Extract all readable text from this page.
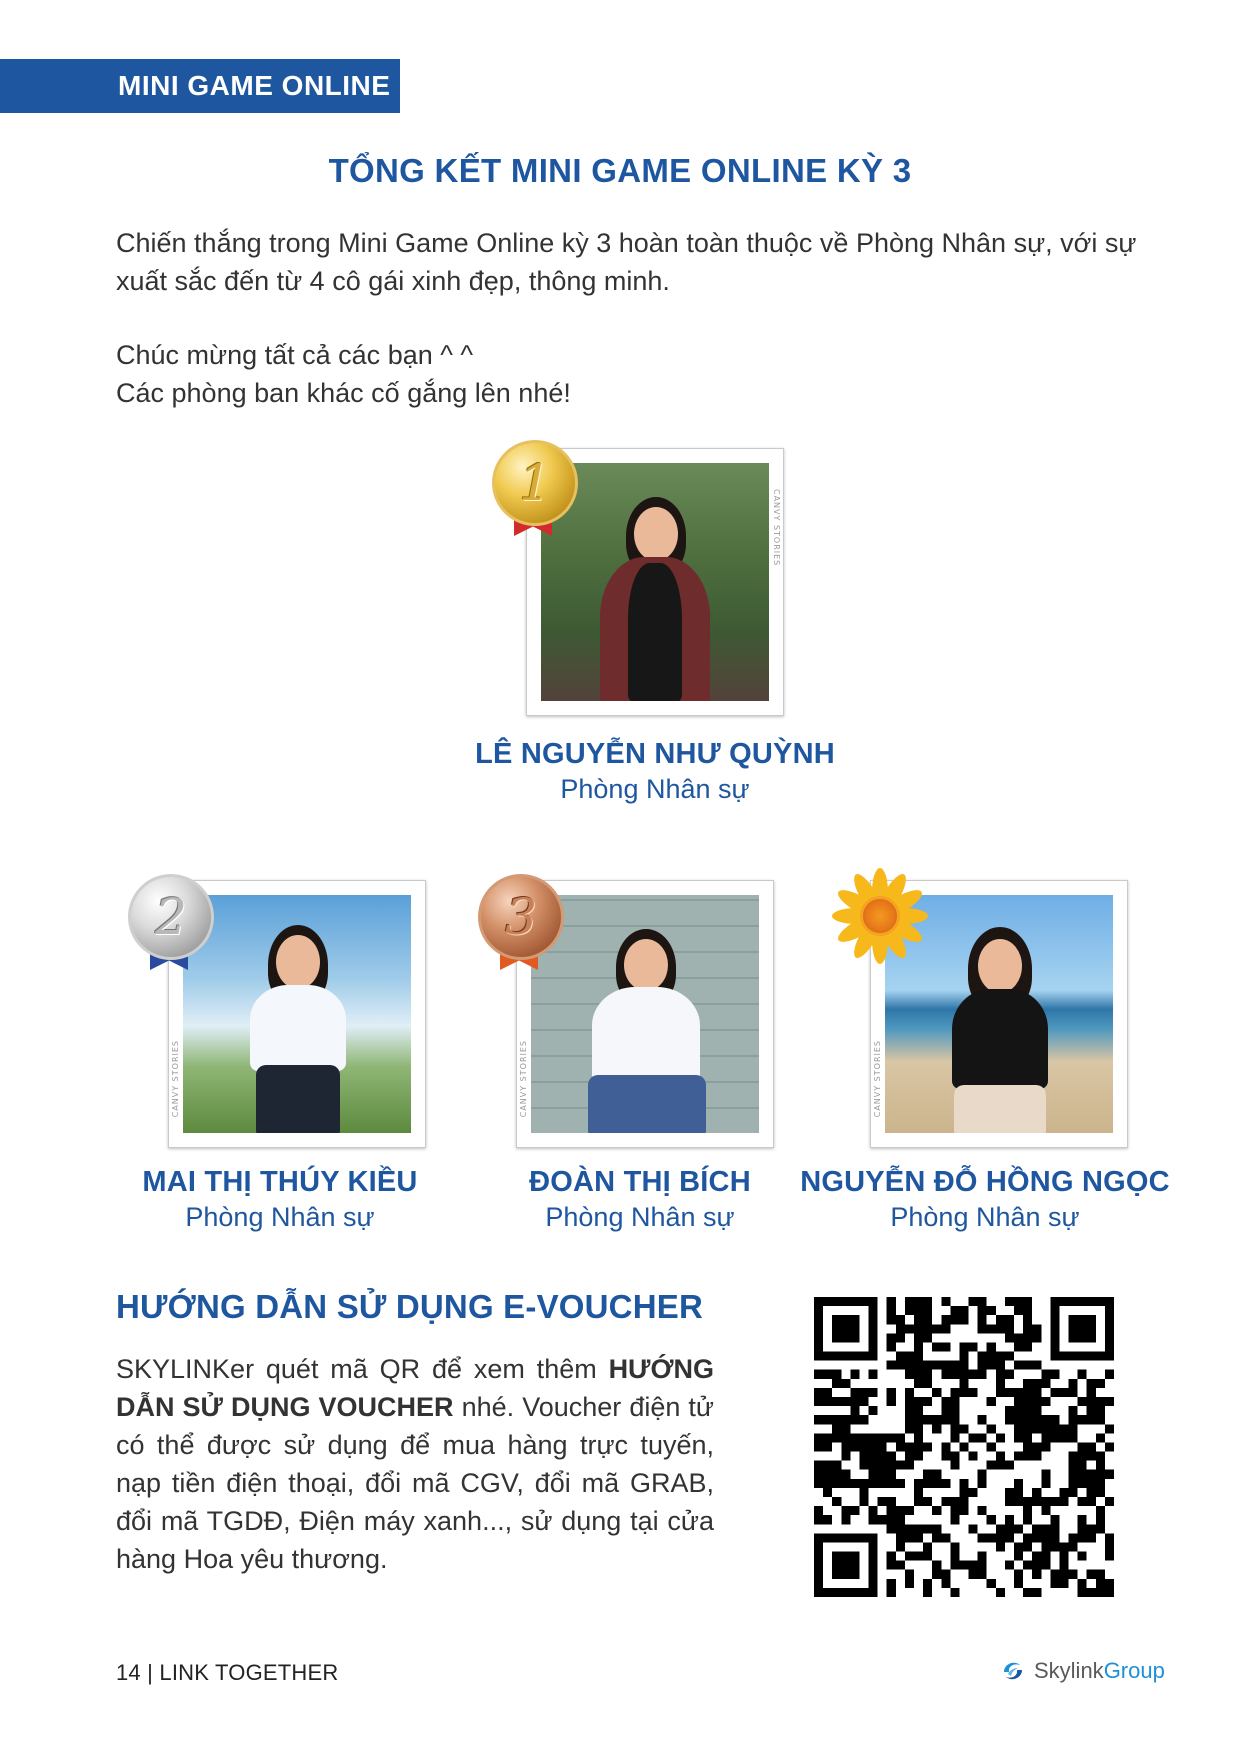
MINI GAME ONLINE
TỔNG KẾT MINI GAME ONLINE KỲ 3

Chiến thắng trong Mini Game Online kỳ 3 hoàn toàn thuộc về Phòng Nhân sự, với sự xuất sắc đến từ 4 cô gái xinh đẹp, thông minh.

Chúc mừng tất cả các bạn ^ ^
Các phòng ban khác cố gắng lên nhé!
CANVY STORIES
1
LÊ NGUYỄN NHƯ QUỲNH
Phòng Nhân sự
CANVY STORIES
2
MAI THỊ THÚY KIỀU
Phòng Nhân sự
CANVY STORIES
3
ĐOÀN THỊ BÍCH
Phòng Nhân sự
CANVY STORIES
NGUYỄN ĐỖ HỒNG NGỌC
Phòng Nhân sự
HƯỚNG DẪN SỬ DỤNG E-VOUCHER

SKYLINKer quét mã QR để xem thêm HƯỚNG DẪN SỬ DỤNG VOUCHER nhé. Voucher điện tử có thể được sử dụng để mua hàng trực tuyến, nạp tiền điện thoại, đổi mã CGV, đổi mã GRAB, đổi mã TGDĐ, Điện máy xanh..., sử dụng tại cửa hàng Hoa yêu thương.

14 | LINK TOGETHER	SkylinkGroup
